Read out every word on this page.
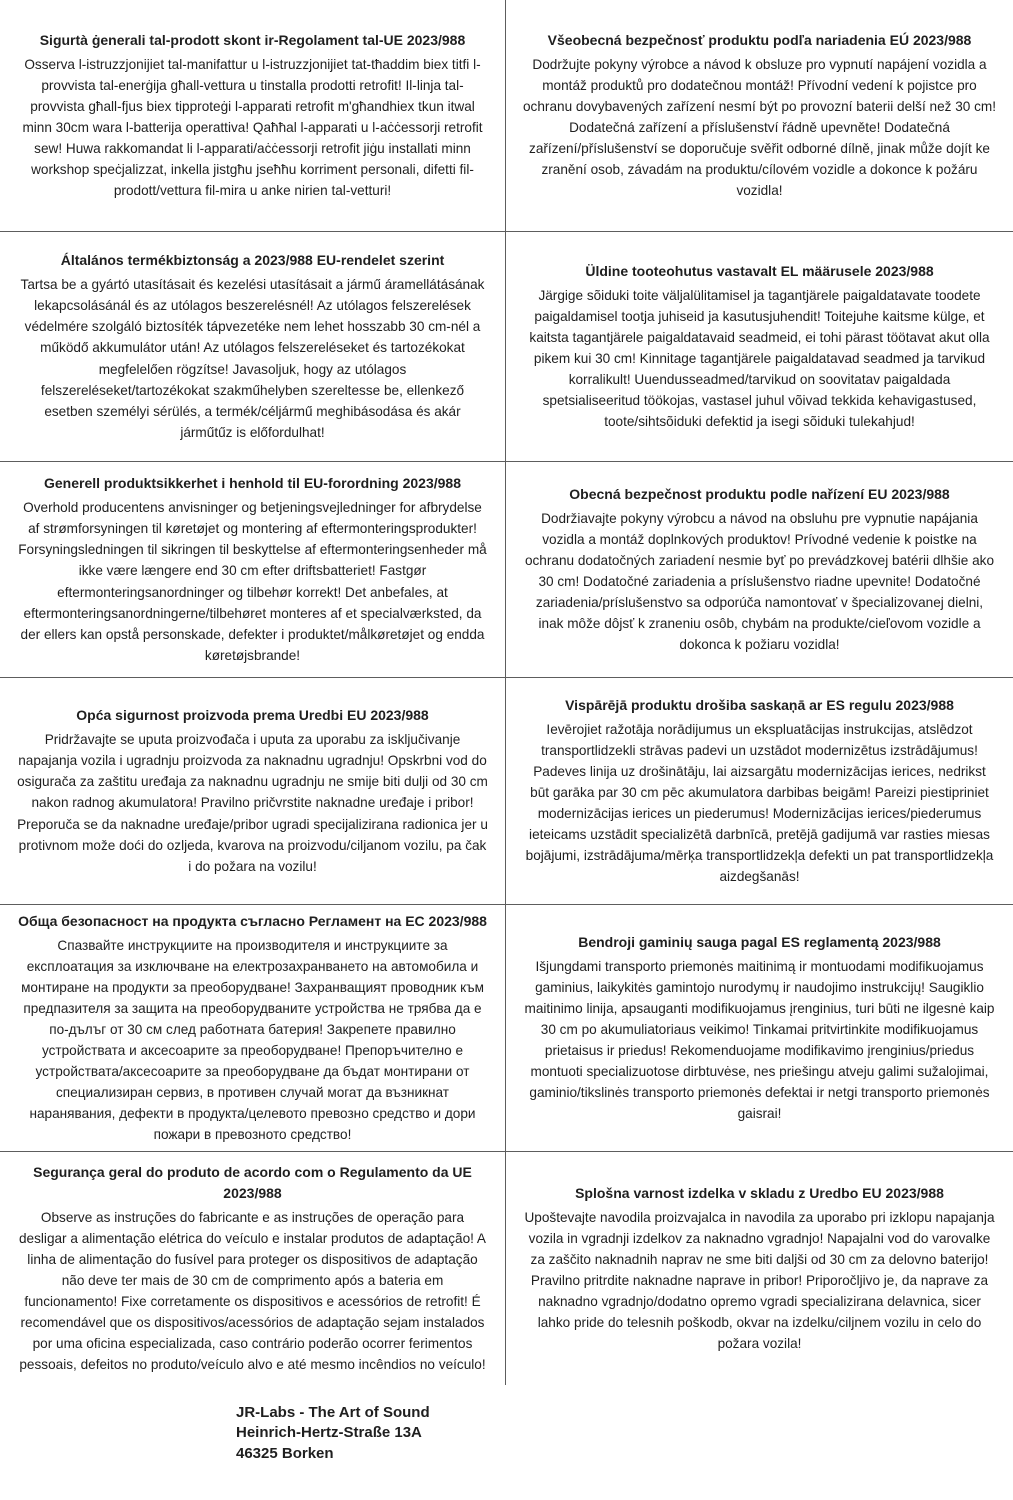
Sigurtà ġenerali tal-prodott skont ir-Regolament tal-UE 2023/988

Osserva l-istruzzjonijiet tal-manifattur u l-istruzzjonijiet tat-tħaddim biex titfi l-provvista tal-enerġija għall-vettura u tinstalla prodotti retrofit! Il-linja tal-provvista għall-fjus biex tipproteġi l-apparati retrofit m'għandhiex tkun itwal minn 30cm wara l-batterija operattiva! Qaħħal l-apparati u l-aċċessorji retrofit sew! Huwa rakkomandat li l-apparati/aċċessorji retrofit jiġu installati minn workshop speċjalizzat, inkella jistgħu jseħħu korriment personali, difetti fil-prodott/vettura fil-mira u anke nirien tal-vetturi!

Všeobecná bezpečnosť produktu podľa nariadenia EÚ 2023/988

Dodržujte pokyny výrobce a návod k obsluze pro vypnutí napájení vozidla a montáž produktů pro dodatečnou montáž! Přívodní vedení k pojistce pro ochranu dovybavených zařízení nesmí být po provozní baterii delší než 30 cm! Dodatečná zařízení a příslušenství řádně upevněte! Dodatečná zařízení/příslušenství se doporučuje svěřit odborné dílně, jinak může dojít ke zranění osob, závadám na produktu/cílovém vozidle a dokonce k požáru vozidla!

Általános termékbiztonság a 2023/988 EU-rendelet szerint

Tartsa be a gyártó utasításait és kezelési utasításait a jármű áramellátásának lekapcsolásánál és az utólagos beszerelésnél! Az utólagos felszerelések védelmére szolgáló biztosíték tápvezetéke nem lehet hosszabb 30 cm-nél a működő akkumulátor után! Az utólagos felszereléseket és tartozékokat megfelelően rögzítse! Javasoljuk, hogy az utólagos felszereléseket/tartozékokat szakműhelyben szereltesse be, ellenkező esetben személyi sérülés, a termék/céljármű meghibásodása és akár járműtűz is előfordulhat!

Üldine tooteohutus vastavalt EL määrusele 2023/988

Järgige sõiduki toite väljalülitamisel ja tagantjärele paigaldatavate toodete paigaldamisel tootja juhiseid ja kasutusjuhendit! Toitejuhe kaitsme külge, et kaitsta tagantjärele paigaldatavaid seadmeid, ei tohi pärast töötavat akut olla pikem kui 30 cm! Kinnitage tagantjärele paigaldatavad seadmed ja tarvikud korralikult! Uuendusseadmed/tarvikud on soovitatav paigaldada spetsialiseeritud töökojas, vastasel juhul võivad tekkida kehavigastused, toote/sihtsõiduki defektid ja isegi sõiduki tulekahjud!

Generell produktsikkerhet i henhold til EU-forordning 2023/988

Overhold producentens anvisninger og betjeningsvejledninger for afbrydelse af strømforsyningen til køretøjet og montering af eftermonteringsprodukter! Forsyningsledningen til sikringen til beskyttelse af eftermonteringsenheder må ikke være længere end 30 cm efter driftsbatteriet! Fastgør eftermonteringsanordninger og tilbehør korrekt! Det anbefales, at eftermonteringsanordningerne/tilbehøret monteres af et specialværksted, da der ellers kan opstå personskade, defekter i produktet/målkøretøjet og endda køretøjsbrande!

Obecná bezpečnost produktu podle nařízení EU 2023/988

Dodržiavajte pokyny výrobcu a návod na obsluhu pre vypnutie napájania vozidla a montáž doplnkových produktov! Prívodné vedenie k poistke na ochranu dodatočných zariadení nesmie byť po prevádzkovej batérii dlhšie ako 30 cm! Dodatočné zariadenia a príslušenstvo riadne upevnite! Dodatočné zariadenia/príslušenstvo sa odporúča namontovať v špecializovanej dielni, inak môže dôjsť k zraneniu osôb, chybám na produkte/cieľovom vozidle a dokonca k požiaru vozidla!

Opća sigurnost proizvoda prema Uredbi EU 2023/988

Pridržavajte se uputa proizvođača i uputa za uporabu za isključivanje napajanja vozila i ugradnju proizvoda za naknadnu ugradnju! Opskrbni vod do osigurača za zaštitu uređaja za naknadnu ugradnju ne smije biti dulji od 30 cm nakon radnog akumulatora! Pravilno pričvrstite naknadne uređaje i pribor! Preporuča se da naknadne uređaje/pribor ugradi specijalizirana radionica jer u protivnom može doći do ozljeda, kvarova na proizvodu/ciljanom vozilu, pa čak i do požara na vozilu!

Vispārējā produktu drošiba saskaņā ar ES regulu 2023/988

Ievērojiet ražotāja norādijumus un ekspluatācijas instrukcijas, atslēdzot transportlidzekli strāvas padevi un uzstādot modernizētus izstrādājumus! Padeves linija uz drošinātāju, lai aizsargātu modernizācijas ierices, nedrikst būt garāka par 30 cm pēc akumulatora darbibas beigām! Pareizi piestipriniet modernizācijas ierices un piederumus! Modernizācijas ierices/piederumus ieteicams uzstādit specializētā darbnīcā, pretējā gadijumā var rasties miesas bojājumi, izstrādājuma/mērķa transportlidzekļa defekti un pat transportlidzekļa aizdegšanās!

Обща безопасност на продукта съгласно Регламент на ЕС 2023/988

Спазвайте инструкциите на производителя и инструкциите за експлоатация за изключване на електрозахранването на автомобила и монтиране на продукти за преоборудване! Захранващият проводник към предпазителя за защита на преоборудваните устройства не трябва да е по-дълъг от 30 см след работната батерия! Закрепете правилно устройствата и аксесоарите за преоборудване! Препоръчително е устройствата/аксесоарите за преоборудване да бъдат монтирани от специализиран сервиз, в противен случай могат да възникнат наранявания, дефекти в продукта/целевото превозно средство и дори пожари в превозното средство!

Bendroji gaminių sauga pagal ES reglamentą 2023/988

Išjungdami transporto priemonės maitinimą ir montuodami modifikuojamus gaminius, laikykitės gamintojo nurodymų ir naudojimo instrukcijų! Saugiklio maitinimo linija, apsauganti modifikuojamus įrenginius, turi būti ne ilgesnė kaip 30 cm po akumuliatoriaus veikimo! Tinkamai pritvirtinkite modifikuojamus prietaisus ir priedus! Rekomenduojame modifikavimo įrenginius/priedus montuoti specializuotose dirbtuvėse, nes priešingu atveju galimi sužalojimai, gaminio/tikslinės transporto priemonės defektai ir netgi transporto priemonės gaisrai!

Segurança geral do produto de acordo com o Regulamento da UE 2023/988

Observe as instruções do fabricante e as instruções de operação para desligar a alimentação elétrica do veículo e instalar produtos de adaptação! A linha de alimentação do fusível para proteger os dispositivos de adaptação não deve ter mais de 30 cm de comprimento após a bateria em funcionamento! Fixe corretamente os dispositivos e acessórios de retrofit! É recomendável que os dispositivos/acessórios de adaptação sejam instalados por uma oficina especializada, caso contrário poderão ocorrer ferimentos pessoais, defeitos no produto/veículo alvo e até mesmo incêndios no veículo!

Splošna varnost izdelka v skladu z Uredbo EU 2023/988

Upoštevajte navodila proizvajalca in navodila za uporabo pri izklopu napajanja vozila in vgradnji izdelkov za naknadno vgradnjo! Napajalni vod do varovalke za zaščito naknadnih naprav ne sme biti daljši od 30 cm za delovno baterijo! Pravilno pritrdite naknadne naprave in pribor! Priporočljivo je, da naprave za naknadno vgradnjo/dodatno opremo vgradi specializirana delavnica, sicer lahko pride do telesnih poškodb, okvar na izdelku/ciljnem vozilu in celo do požara vozila!

JR-Labs - The Art of Sound
Heinrich-Hertz-Straße 13A
46325 Borken
